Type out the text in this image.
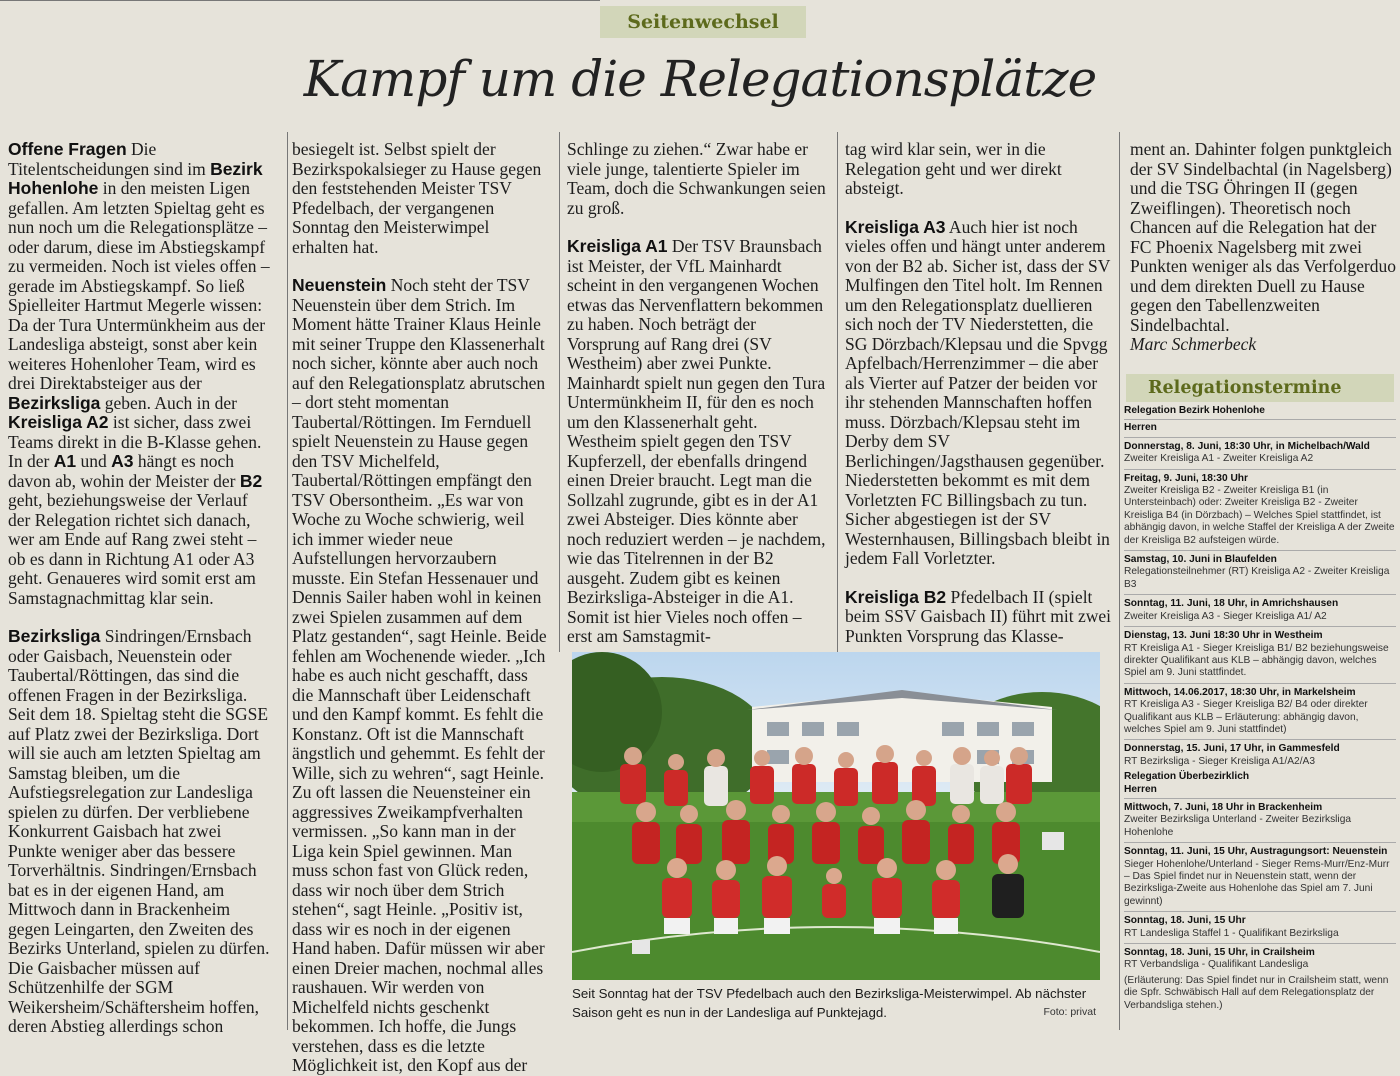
Seitenwechsel
Kampf um die Relegationsplätze

Offene Fragen Die Titelentscheidungen sind im Bezirk Hohenlohe in den meisten Ligen gefallen. Am letzten Spieltag geht es nun noch um die Relegationsplätze – oder darum, diese im Abstiegskampf zu vermeiden. Noch ist vieles offen – gerade im Abstiegskampf. So ließ Spielleiter Hartmut Megerle wissen: Da der Tura Untermünkheim aus der Landesliga absteigt, sonst aber kein weiteres Hohenloher Team, wird es drei Direktabsteiger aus der Bezirksliga geben. Auch in der Kreisliga A2 ist sicher, dass zwei Teams direkt in die B-Klasse gehen. In der A1 und A3 hängt es noch davon ab, wohin der Meister der B2 geht, beziehungsweise der Verlauf der Relegation richtet sich danach, wer am Ende auf Rang zwei steht – ob es dann in Richtung A1 oder A3 geht. Genaueres wird somit erst am Samstagnachmittag klar sein.

Bezirksliga Sindringen/Ernsbach oder Gaisbach, Neuenstein oder Taubertal/Röttingen, das sind die offenen Fragen in der Bezirksliga. Seit dem 18. Spieltag steht die SGSE auf Platz zwei der Bezirksliga. Dort will sie auch am letzten Spieltag am Samstag bleiben, um die Aufstiegsrelegation zur Landesliga spielen zu dürfen. Der verbliebene Konkurrent Gaisbach hat zwei Punkte weniger aber das bessere Torverhältnis. Sindringen/Ernsbach bat es in der eigenen Hand, am Mittwoch dann in Brackenheim gegen Leingarten, den Zweiten des Bezirks Unterland, spielen zu dürfen. Die Gaisbacher müssen auf Schützenhilfe der SGM Weikersheim/Schäftersheim hoffen, deren Abstieg allerdings schon

besiegelt ist. Selbst spielt der Bezirkspokalsieger zu Hause gegen den feststehenden Meister TSV Pfedelbach, der vergangenen Sonntag den Meisterwimpel erhalten hat.

Neuenstein Noch steht der TSV Neuenstein über dem Strich. Im Moment hätte Trainer Klaus Heinle mit seiner Truppe den Klassenerhalt noch sicher, könnte aber auch noch auf den Relegationsplatz abrutschen – dort steht momentan Taubertal/Röttingen. Im Fernduell spielt Neuenstein zu Hause gegen den TSV Michelfeld, Taubertal/Röttingen empfängt den TSV Obersontheim. „Es war von Woche zu Woche schwierig, weil ich immer wieder neue Aufstellungen hervorzaubern musste. Ein Stefan Hessenauer und Dennis Sailer haben wohl in keinen zwei Spielen zusammen auf dem Platz gestanden“, sagt Heinle. Beide fehlen am Wochenende wieder. „Ich habe es auch nicht geschafft, dass die Mannschaft über Leidenschaft und den Kampf kommt. Es fehlt die Konstanz. Oft ist die Mannschaft ängstlich und gehemmt. Es fehlt der Wille, sich zu wehren“, sagt Heinle. Zu oft lassen die Neuensteiner ein aggressives Zweikampfverhalten vermissen. „So kann man in der Liga kein Spiel gewinnen. Man muss schon fast von Glück reden, dass wir noch über dem Strich stehen“, sagt Heinle. „Positiv ist, dass wir es noch in der eigenen Hand haben. Dafür müssen wir aber einen Dreier machen, nochmal alles raushauen. Wir werden von Michelfeld nichts geschenkt bekommen. Ich hoffe, die Jungs verstehen, dass es die letzte Möglichkeit ist, den Kopf aus der

Schlinge zu ziehen.“ Zwar habe er viele junge, talentierte Spieler im Team, doch die Schwankungen seien zu groß.

Kreisliga A1 Der TSV Braunsbach ist Meister, der VfL Mainhardt scheint in den vergangenen Wochen etwas das Nervenflattern bekommen zu haben. Noch beträgt der Vorsprung auf Rang drei (SV Westheim) aber zwei Punkte. Mainhardt spielt nun gegen den Tura Untermünkheim II, für den es noch um den Klassenerhalt geht. Westheim spielt gegen den TSV Kupferzell, der ebenfalls dringend einen Dreier braucht. Legt man die Sollzahl zugrunde, gibt es in der A1 zwei Absteiger. Dies könnte aber noch reduziert werden – je nachdem, wie das Titelrennen in der B2 ausgeht. Zudem gibt es keinen Bezirksliga-Absteiger in die A1. Somit ist hier Vieles noch offen – erst am Samstagmit-

tag wird klar sein, wer in die Relegation geht und wer direkt absteigt.

Kreisliga A3 Auch hier ist noch vieles offen und hängt unter anderem von der B2 ab. Sicher ist, dass der SV Mulfingen den Titel holt. Im Rennen um den Relegationsplatz duellieren sich noch der TV Niederstetten, die SG Dörzbach/Klepsau und die Spvgg Apfelbach/Herrenzimmer – die aber als Vierter auf Patzer der beiden vor ihr stehenden Mannschaften hoffen muss. Dörzbach/Klepsau steht im Derby dem SV Berlichingen/Jagsthausen gegenüber. Niederstetten bekommt es mit dem Vorletzten FC Billingsbach zu tun. Sicher abgestiegen ist der SV Westernhausen, Billingsbach bleibt in jedem Fall Vorletzter.

Kreisliga B2 Pfedelbach II (spielt beim SSV Gaisbach II) führt mit zwei Punkten Vorsprung das Klasse-

ment an. Dahinter folgen punktgleich der SV Sindelbachtal (in Nagelsberg) und die TSG Öhringen II (gegen Zweiflingen). Theoretisch noch Chancen auf die Relegation hat der FC Phoenix Nagelsberg mit zwei Punkten weniger als das Verfolgerduo und dem direkten Duell zu Hause gegen den Tabellenzweiten Sindelbachtal.

Marc Schmerbeck
Seit Sonntag hat der TSV Pfedelbach auch den Bezirksliga-Meisterwimpel. Ab nächster Saison geht es nun in der Landesliga auf Punktejagd.	Foto: privat
Relegationstermine
Relegation Bezirk Hohenlohe
Herren
Donnerstag, 8. Juni, 18:30 Uhr, in Michelbach/Wald
Zweiter Kreisliga A1 - Zweiter Kreisliga A2
Freitag, 9. Juni, 18:30 Uhr
Zweiter Kreisliga B2 - Zweiter Kreisliga B1 (in Untersteinbach) oder: Zweiter Kreisliga B2 - Zweiter Kreisliga B4 (in Dörzbach) – Welches Spiel stattfindet, ist abhängig davon, in welche Staffel der Kreisliga A der Zweite der Kreisliga B2 aufsteigen würde.
Samstag, 10. Juni in Blaufelden
Relegationsteilnehmer (RT) Kreisliga A2 - Zweiter Kreisliga B3
Sonntag, 11. Juni, 18 Uhr, in Amrichshausen
Zweiter Kreisliga A3 - Sieger Kreisliga A1/ A2
Dienstag, 13. Juni 18:30 Uhr in Westheim
RT Kreisliga A1 - Sieger Kreisliga B1/ B2 beziehungsweise direkter Qualifikant aus KLB – abhängig davon, welches Spiel am 9. Juni stattfindet.
Mittwoch, 14.06.2017, 18:30 Uhr, in Markelsheim
RT Kreisliga A3 - Sieger Kreisliga B2/ B4 oder direkter Qualifikant aus KLB – Erläuterung: abhängig davon, welches Spiel am 9. Juni stattfindet)
Donnerstag, 15. Juni, 17 Uhr, in Gammesfeld
RT Bezirksliga - Sieger Kreisliga A1/A2/A3
Relegation Überbezirklich
Herren
Mittwoch, 7. Juni, 18 Uhr in Brackenheim
Zweiter Bezirksliga Unterland - Zweiter Bezirksliga Hohenlohe
Sonntag, 11. Juni, 15 Uhr, Austragungsort: Neuenstein
Sieger Hohenlohe/Unterland - Sieger Rems-Murr/Enz-Murr – Das Spiel findet nur in Neuenstein statt, wenn der Bezirksliga-Zweite aus Hohenlohe das Spiel am 7. Juni gewinnt)
Sonntag, 18. Juni, 15 Uhr
RT Landesliga Staffel 1 - Qualifikant Bezirksliga
Sonntag, 18. Juni, 15 Uhr, in Crailsheim
RT Verbandsliga - Qualifikant Landesliga
(Erläuterung: Das Spiel findet nur in Crailsheim statt, wenn die Spfr. Schwäbisch Hall auf dem Relegationsplatz der Verbandsliga stehen.)
